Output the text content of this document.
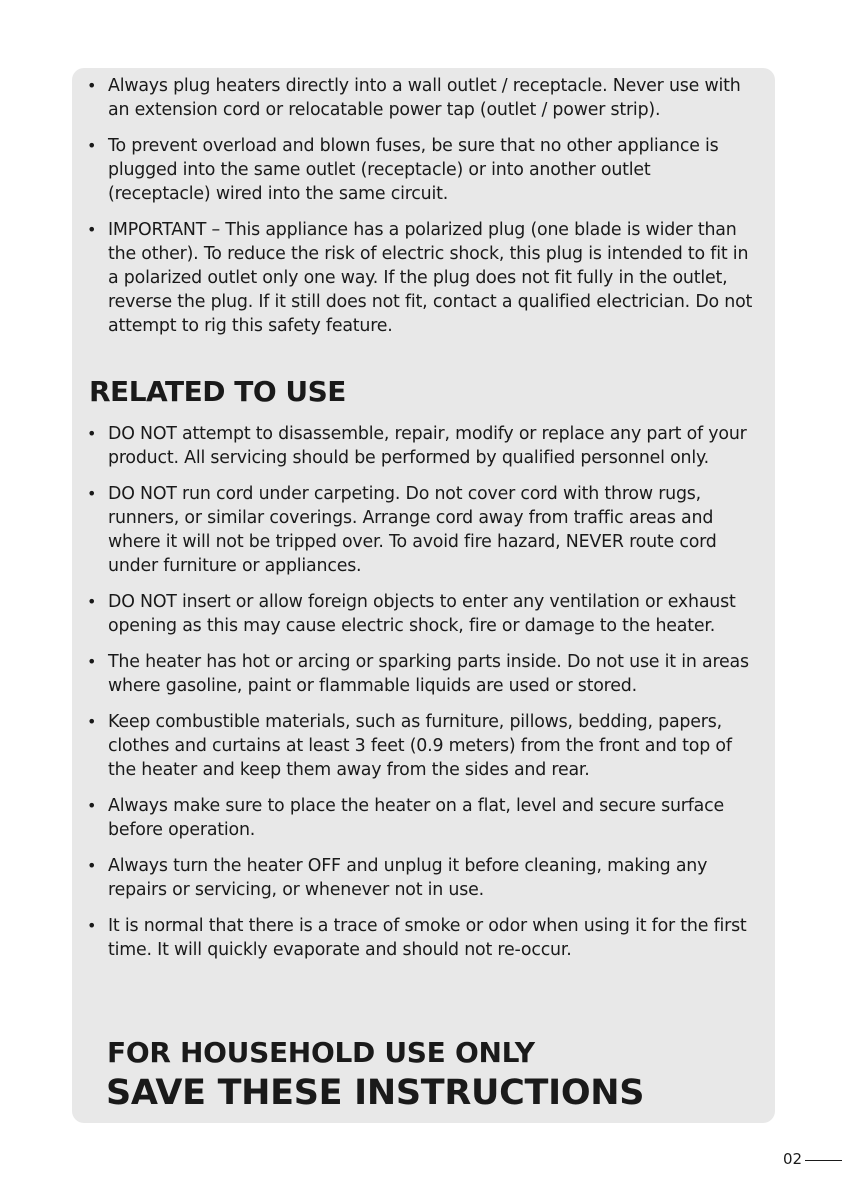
• Always plug heaters directly into a wall outlet / receptacle. Never use with an extension cord or relocatable power tap (outlet / power strip).
• To prevent overload and blown fuses, be sure that no other appliance is plugged into the same outlet (receptacle) or into another outlet (receptacle) wired into the same circuit.
• IMPORTANT – This appliance has a polarized plug (one blade is wider than the other). To reduce the risk of electric shock, this plug is intended to fit in a polarized outlet only one way. If the plug does not fit fully in the outlet, reverse the plug. If it still does not fit, contact a qualified electrician. Do not attempt to rig this safety feature.
RELATED TO USE
• DO NOT attempt to disassemble, repair, modify or replace any part of your product. All servicing should be performed by qualified personnel only.
• DO NOT run cord under carpeting. Do not cover cord with throw rugs, runners, or similar coverings. Arrange cord away from traffic areas and where it will not be tripped over. To avoid fire hazard, NEVER route cord under furniture or appliances.
• DO NOT insert or allow foreign objects to enter any ventilation or exhaust opening as this may cause electric shock, fire or damage to the heater.
• The heater has hot or arcing or sparking parts inside. Do not use it in areas where gasoline, paint or flammable liquids are used or stored.
• Keep combustible materials, such as furniture, pillows, bedding, papers, clothes and curtains at least 3 feet (0.9 meters) from the front and top of the heater and keep them away from the sides and rear.
• Always make sure to place the heater on a flat, level and secure surface before operation.
• Always turn the heater OFF and unplug it before cleaning, making any repairs or servicing, or whenever not in use.
• It is normal that there is a trace of smoke or odor when using it for the first time. It will quickly evaporate and should not re-occur.
FOR HOUSEHOLD USE ONLY
SAVE THESE INSTRUCTIONS
02
